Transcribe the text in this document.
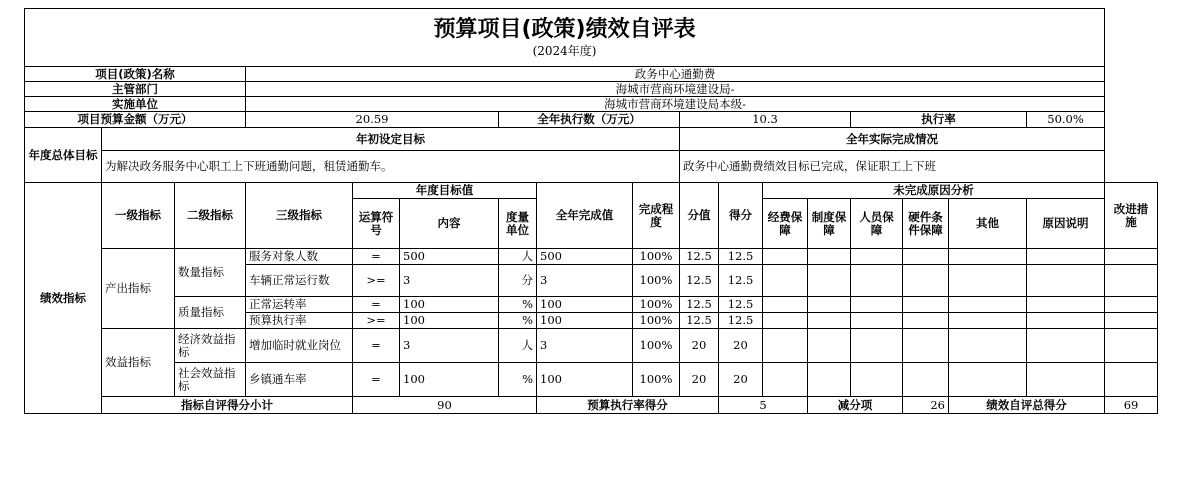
预算项目(政策)绩效自评表
(2024年度)																	

项目(政策)名称			政务中心通勤费														
主管部门			海城市营商环境建设局-														
实施单位			海城市营商环境建设局本级-														
项目预算金额（万元）			20.59			全年执行数（万元）			10.3				执行率			50.0%	
年度总体目标	年初设定目标								全年实际完成情况								
	为解决政务服务中心职工上下班通勤问题，租赁通勤车。								政务中心通勤费绩效目标已完成，保证职工上下班								
绩效指标	一级指标	二级指标	三级指标	年度目标值			全年完成值	完成程度	分值	得分	未完成原因分析						改进措施
				运算符号	内容	度量单位					经费保障	制度保障	人员保障	硬件条件保障	其他	原因说明	
	产出指标	数量指标	服务对象人数	=	500	人	500	100%	12.5	12.5							
			车辆正常运行数	>=	3	分	3	100%	12.5	12.5							
		质量指标	正常运转率	=	100	%	100	100%	12.5	12.5							
			预算执行率	>=	100	%	100	100%	12.5	12.5							
	效益指标	经济效益指标	增加临时就业岗位	=	3	人	3	100%	20	20							
		社会效益指标	乡镇通车率	=	100	%	100	100%	20	20							
	指标自评得分小计			90			预算执行率得分			5		减分项		26	绩效自评总得分		69
